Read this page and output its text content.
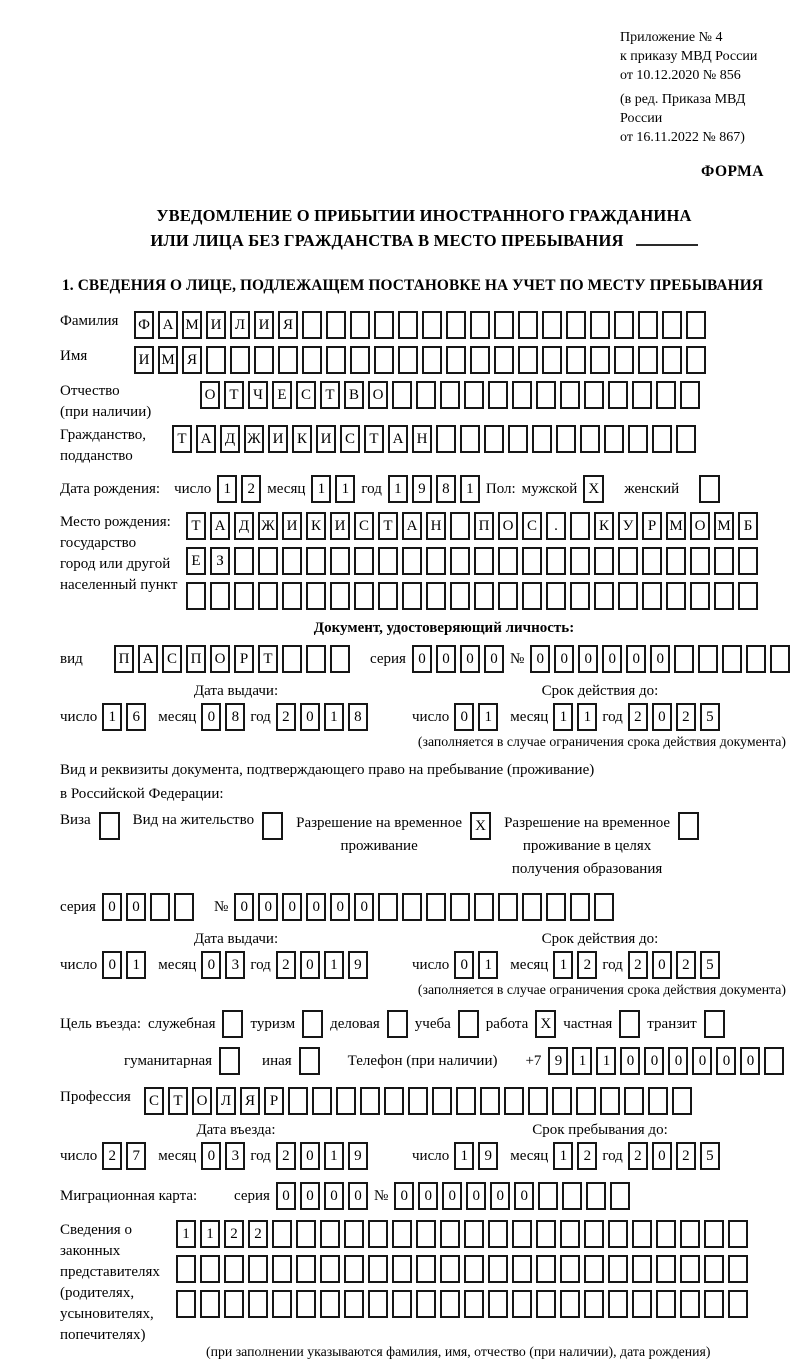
Приложение № 4
к приказу МВД России
от 10.12.2020 № 856
(в ред. Приказа МВД России
от 16.11.2022 № 867)
ФОРМА
УВЕДОМЛЕНИЕ О ПРИБЫТИИ ИНОСТРАННОГО ГРАЖДАНИНА
ИЛИ ЛИЦА БЕЗ ГРАЖДАНСТВА В МЕСТО ПРЕБЫВАНИЯ
1. СВЕДЕНИЯ О ЛИЦЕ, ПОДЛЕЖАЩЕМ ПОСТАНОВКЕ НА УЧЕТ ПО МЕСТУ ПРЕБЫВАНИЯ
Фамилия	Ф А М И Л И Я
Имя	И М Я
Отчество
(при наличии)
О Т Ч Е С Т В О
Гражданство,
подданство
Т А Д Ж И К И С Т А Н
Дата рождения: число 1	2 месяц 1	1 год 1	9	8	1 Пол: мужской X	женский
Место рождения:
государство
город или другой
населенный пункт
Т А Д Ж И К И С Т А Н	П О С	.	К У Р М О М Б
Е	З
Документ, удостоверяющий личность:
вид	П А С П О Р	Т	серия 0	0	0	0 № 0	0	0	0	0	0
Дата выдачи:
число 1	6	месяц 0	8 год 2	0	1	8
Срок действия до:
число 0	1	месяц 1	1 год 2	0	2	5
(заполняется в случае ограничения срока действия документа)
Вид и реквизиты документа, подтверждающего право на пребывание (проживание)
в Российской Федерации:
Виза	Вид на жительство	Разрешение на временное
проживание
X	Разрешение на временное
проживание в целях
получения образования
серия 0	0	№ 0	0	0	0	0	0
Дата выдачи:
число 0	1	месяц 0	3 год 2	0	1	9
Срок действия до:
число 0	1	месяц 1	2 год 2	0	2	5
(заполняется в случае ограничения срока действия документа)
Цель въезда: служебная туризм деловая учеба работа X частная транзит
гуманитарная	иная	Телефон (при наличии) +7 9	1	1	0	0	0	0	0	0
Профессия	С Т О Л Я Р
Дата въезда:
число 2	7	месяц 0	3 год 2	0	1	9
Срок пребывания до:
число 1	9	месяц 1	2 год 2	0	2	5
Миграционная карта:	серия 0	0	0	0 № 0	0	0	0	0	0
Сведения о
законных
представителях
(родителях,
усыновителях,
попечителях)
1	1	2	2
(при заполнении указываются фамилия, имя, отчество (при наличии), дата рождения)
